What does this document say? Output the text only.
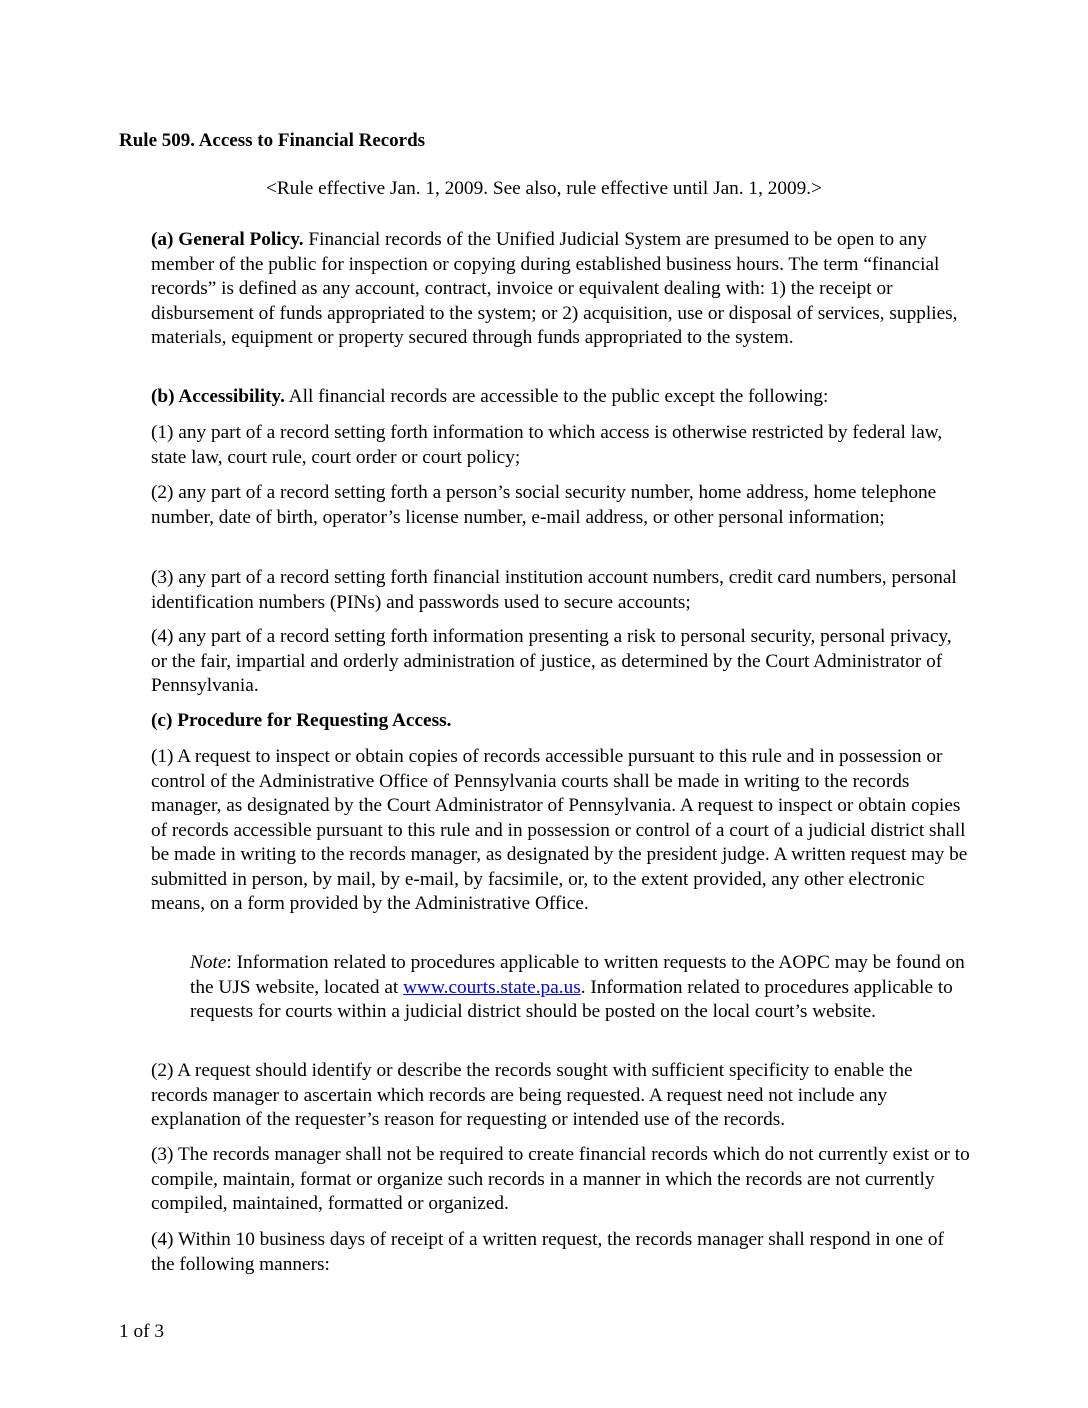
Rule 509. Access to Financial Records
<Rule effective Jan. 1, 2009. See also, rule effective until Jan. 1, 2009.>

(a) General Policy. Financial records of the Unified Judicial System are presumed to be open to any member of the public for inspection or copying during established business hours. The term “financial records” is defined as any account, contract, invoice or equivalent dealing with: 1) the receipt or disbursement of funds appropriated to the system; or 2) acquisition, use or disposal of services, supplies, materials, equipment or property secured through funds appropriated to the system.

(b) Accessibility. All financial records are accessible to the public except the following:

(1) any part of a record setting forth information to which access is otherwise restricted by federal law, state law, court rule, court order or court policy;

(2) any part of a record setting forth a person’s social security number, home address, home telephone number, date of birth, operator’s license number, e-mail address, or other personal information;

(3) any part of a record setting forth financial institution account numbers, credit card numbers, personal identification numbers (PINs) and passwords used to secure accounts;

(4) any part of a record setting forth information presenting a risk to personal security, personal privacy, or the fair, impartial and orderly administration of justice, as determined by the Court Administrator of Pennsylvania.

(c) Procedure for Requesting Access.

(1) A request to inspect or obtain copies of records accessible pursuant to this rule and in possession or control of the Administrative Office of Pennsylvania courts shall be made in writing to the records manager, as designated by the Court Administrator of Pennsylvania. A request to inspect or obtain copies of records accessible pursuant to this rule and in possession or control of a court of a judicial district shall be made in writing to the records manager, as designated by the president judge. A written request may be submitted in person, by mail, by e-mail, by facsimile, or, to the extent provided, any other electronic means, on a form provided by the Administrative Office.

Note: Information related to procedures applicable to written requests to the AOPC may be found on the UJS website, located at www.courts.state.pa.us. Information related to procedures applicable to requests for courts within a judicial district should be posted on the local court’s website.

(2) A request should identify or describe the records sought with sufficient specificity to enable the records manager to ascertain which records are being requested. A request need not include any explanation of the requester’s reason for requesting or intended use of the records.

(3) The records manager shall not be required to create financial records which do not currently exist or to compile, maintain, format or organize such records in a manner in which the records are not currently compiled, maintained, formatted or organized.

(4) Within 10 business days of receipt of a written request, the records manager shall respond in one of the following manners:

1 of 3
